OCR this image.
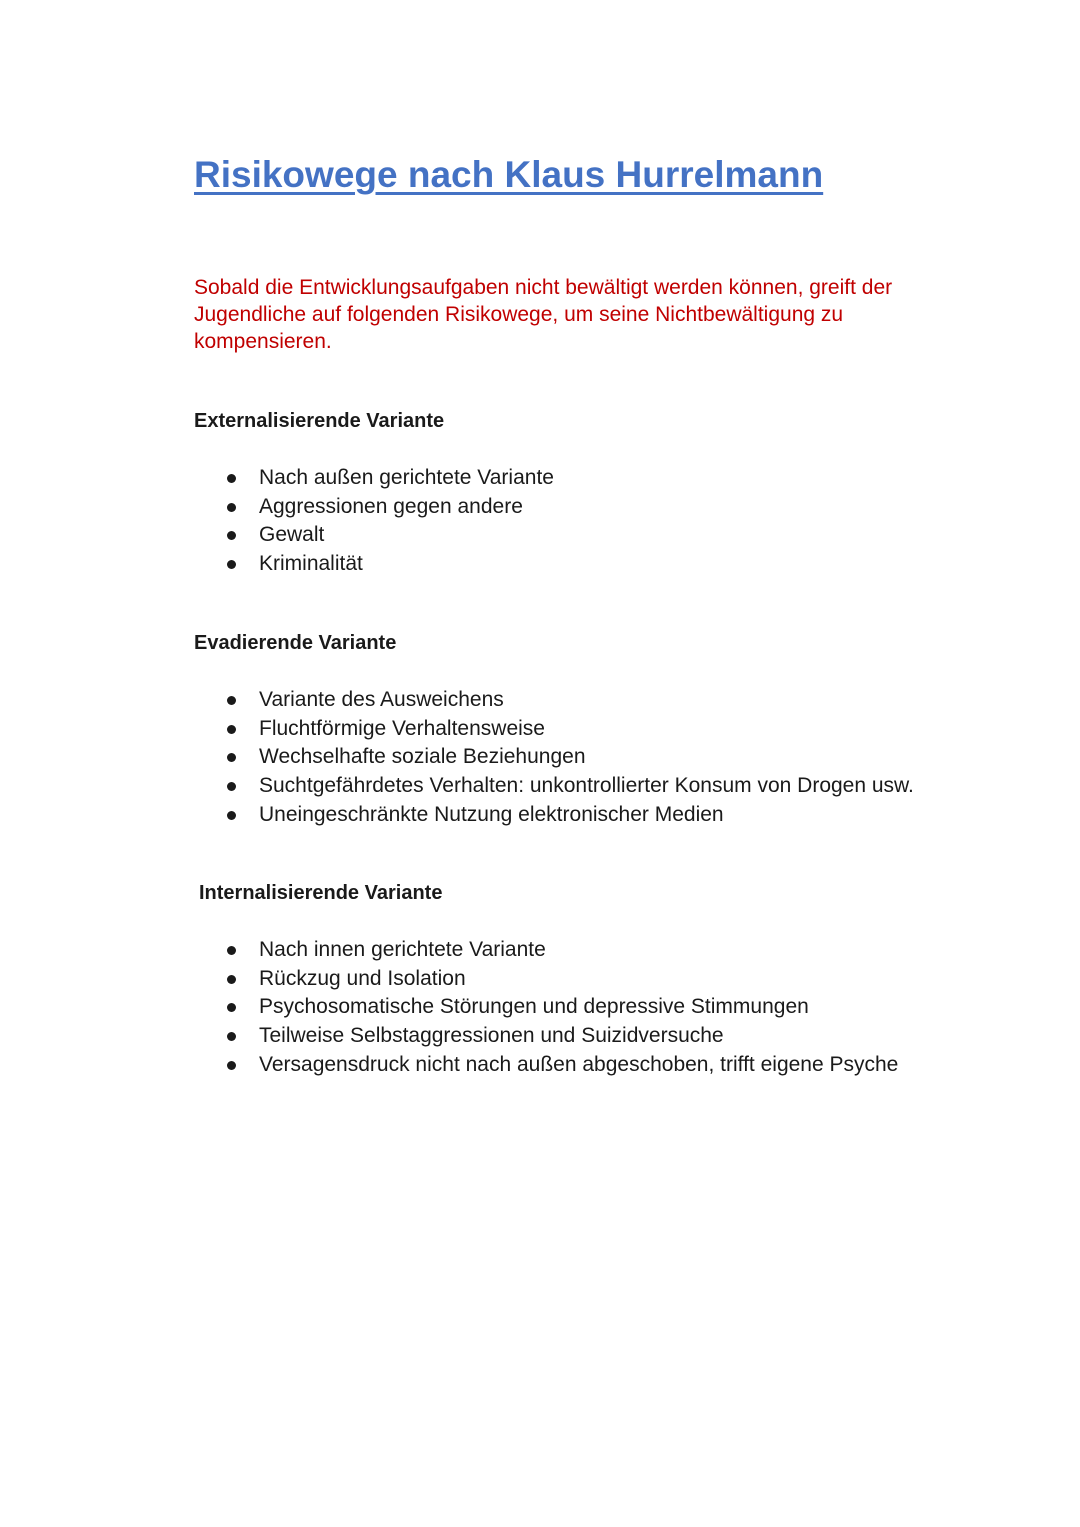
Risikowege nach Klaus Hurrelmann

Sobald die Entwicklungsaufgaben nicht bewältigt werden können, greift der Jugendliche auf folgenden Risikowege, um seine Nichtbewältigung zu kompensieren.

Externalisierende Variante
Nach außen gerichtete Variante
Aggressionen gegen andere
Gewalt
Kriminalität
Evadierende Variante
Variante des Ausweichens
Fluchtförmige Verhaltensweise
Wechselhafte soziale Beziehungen
Suchtgefährdetes Verhalten: unkontrollierter Konsum von Drogen usw.
Uneingeschränkte Nutzung elektronischer Medien
Internalisierende Variante
Nach innen gerichtete Variante
Rückzug und Isolation
Psychosomatische Störungen und depressive Stimmungen
Teilweise Selbstaggressionen und Suizidversuche
Versagensdruck nicht nach außen abgeschoben, trifft eigene Psyche
